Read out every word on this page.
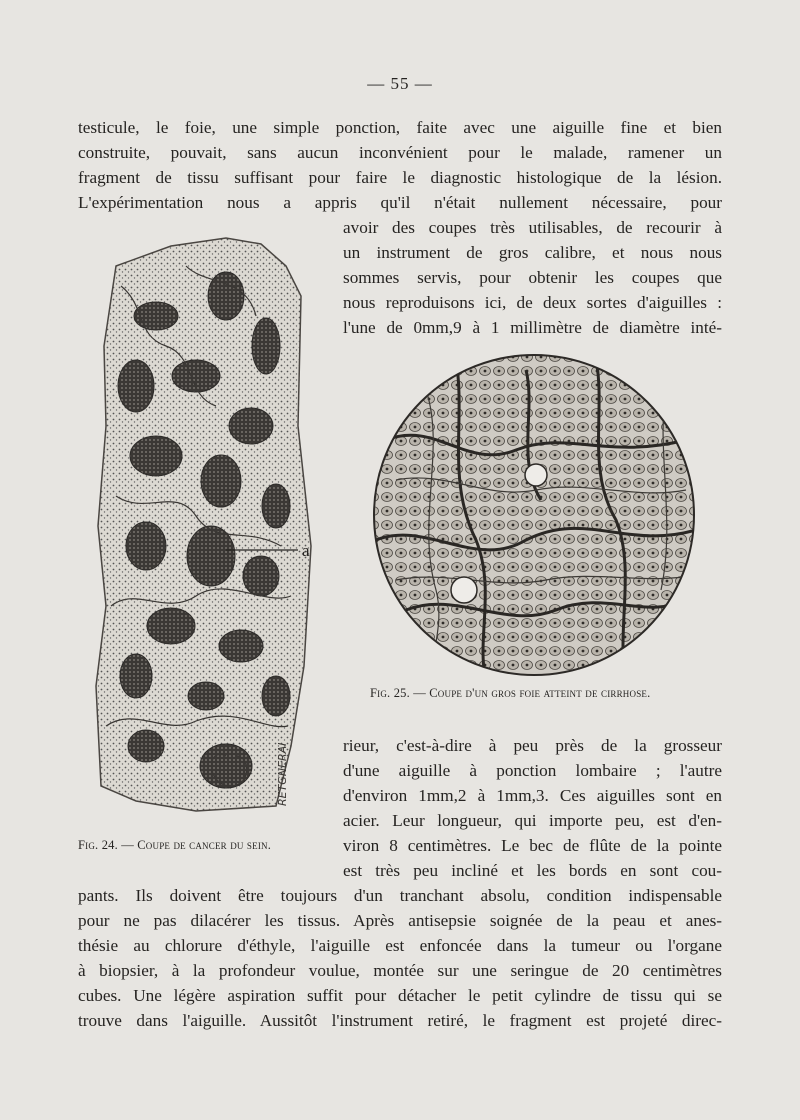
— 55 —
testicule, le foie, une simple ponction, faite avec une aiguille fine et bien
construite, pouvait, sans aucun inconvénient pour le malade, ramener un
fragment de tissu suffisant pour faire le diagnostic histologique de la lésion.
L'expérimentation nous a appris qu'il n'était nullement nécessaire, pour
avoir des coupes très utilisables, de recourir à
un instrument de gros calibre, et nous nous
sommes servis, pour obtenir les coupes que
nous reproduisons ici, de deux sortes d'aiguilles :
l'une de 0mm,9 à 1 millimètre de diamètre inté-
a
RETGNERAI
Fig. 25. — Coupe d'un gros foie atteint de cirrhose.
rieur, c'est-à-dire à peu près de la grosseur
d'une aiguille à ponction lombaire ; l'autre
d'environ 1mm,2 à 1mm,3. Ces aiguilles sont en
acier. Leur longueur, qui importe peu, est d'en-
viron 8 centimètres. Le bec de flûte de la pointe
est très peu incliné et les bords en sont cou-
Fig. 24. — Coupe de cancer du sein.
pants. Ils doivent être toujours d'un tranchant absolu, condition indispensable
pour ne pas dilacérer les tissus. Après antisepsie soignée de la peau et anes-
thésie au chlorure d'éthyle, l'aiguille est enfoncée dans la tumeur ou l'organe
à biopsier, à la profondeur voulue, montée sur une seringue de 20 centimètres
cubes. Une légère aspiration suffit pour détacher le petit cylindre de tissu qui se
trouve dans l'aiguille. Aussitôt l'instrument retiré, le fragment est projeté direc-
